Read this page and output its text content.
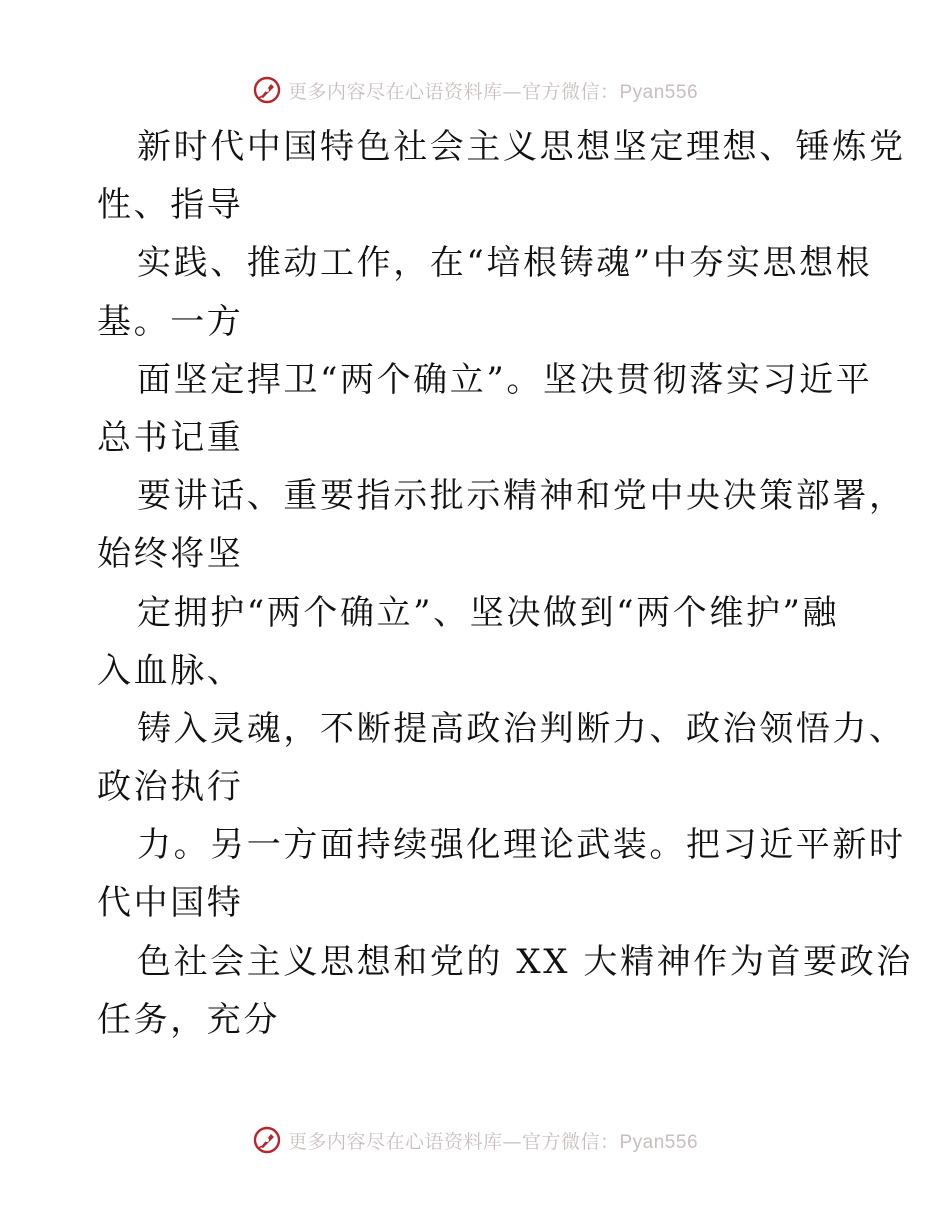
更多内容尽在心语资料库—官方微信：Pyan556
新时代中国特色社会主义思想坚定理想、锤炼党
性、指导
实践、推动工作，在“培根铸魂”中夯实思想根
基。一方
面坚定捍卫“两个确立”。坚决贯彻落实习近平
总书记重
要讲话、重要指示批示精神和党中央决策部署，
始终将坚
定拥护“两个确立”、坚决做到“两个维护”融
入血脉、
铸入灵魂，不断提高政治判断力、政治领悟力、
政治执行
力。另一方面持续强化理论武装。把习近平新时
代中国特
色社会主义思想和党的 XX 大精神作为首要政治
任务，充分
更多内容尽在心语资料库—官方微信：Pyan556
